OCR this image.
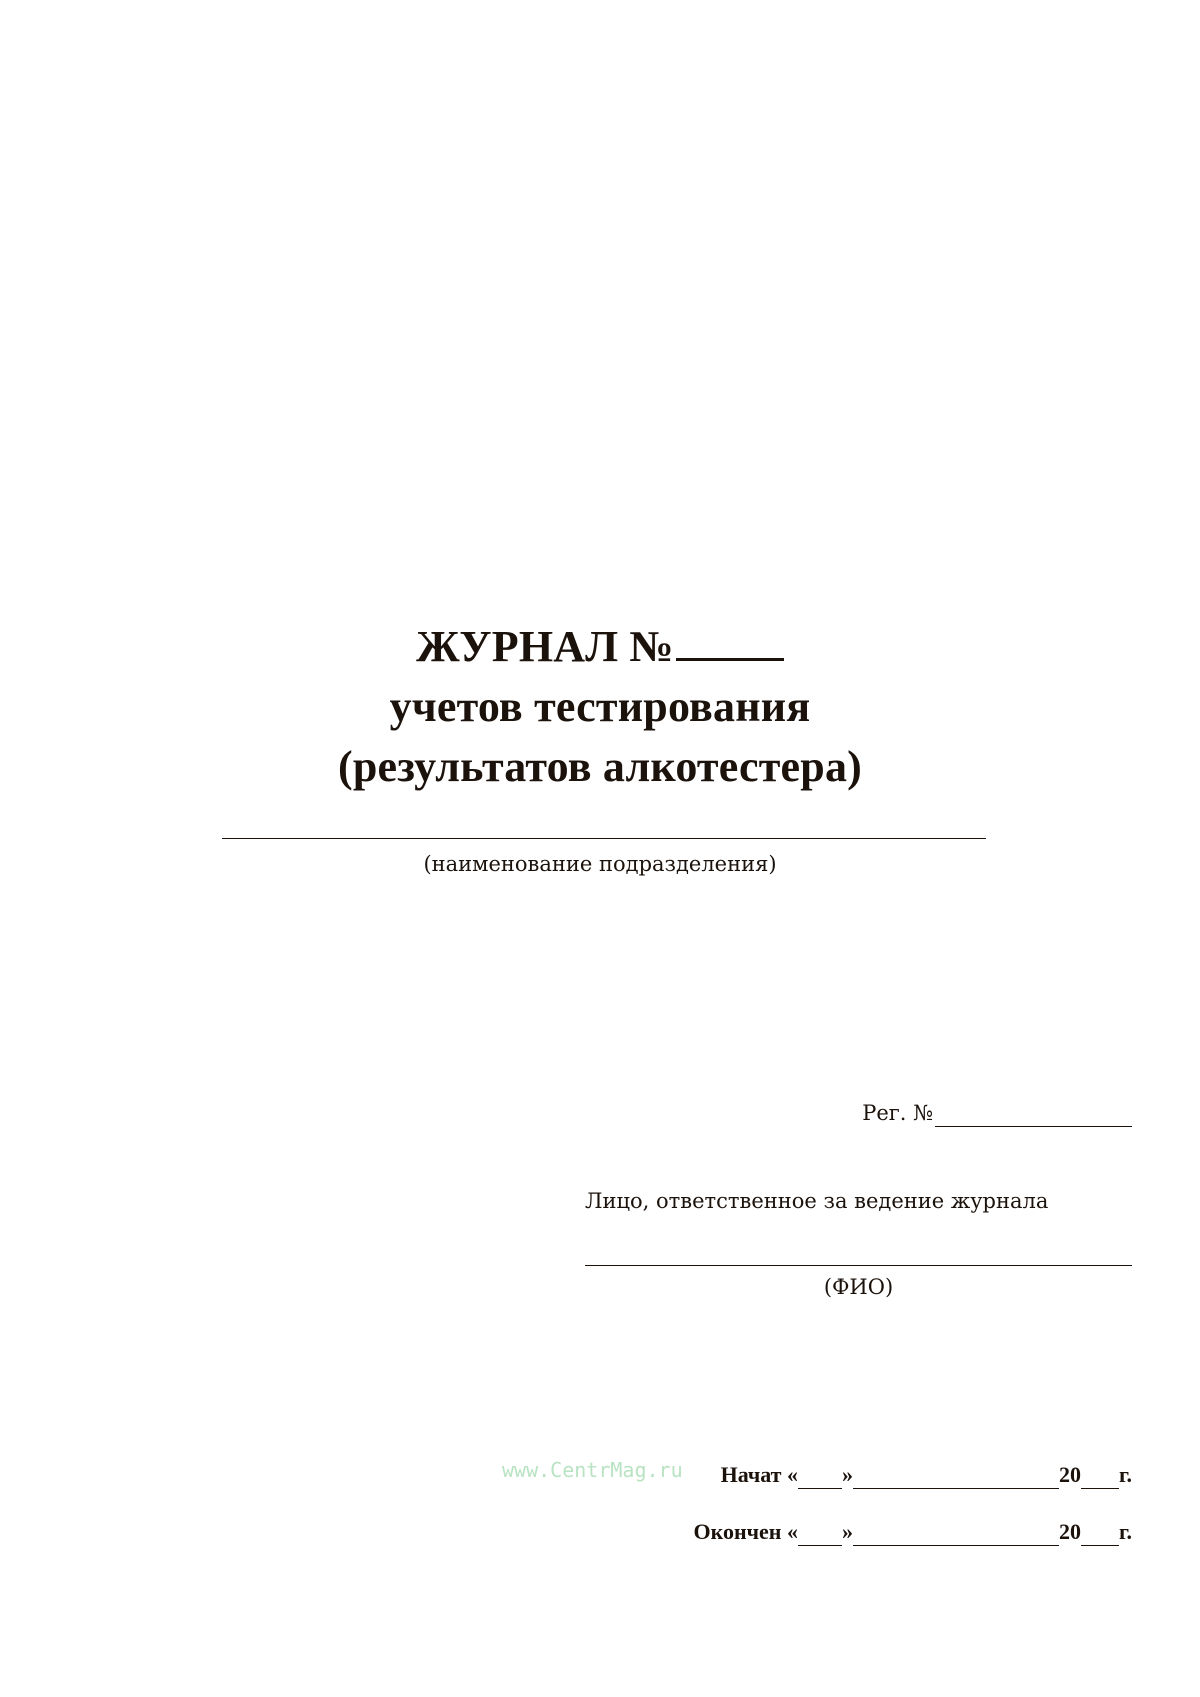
ЖУРНАЛ №
учетов тестирования
(результатов алкотестера)
(наименование подразделения)
Рег. №
Лицо, ответственное за ведение журнала
(ФИО)
www.CentrMag.ru Начат « »	20 г.
Окончен « »	20 г.
